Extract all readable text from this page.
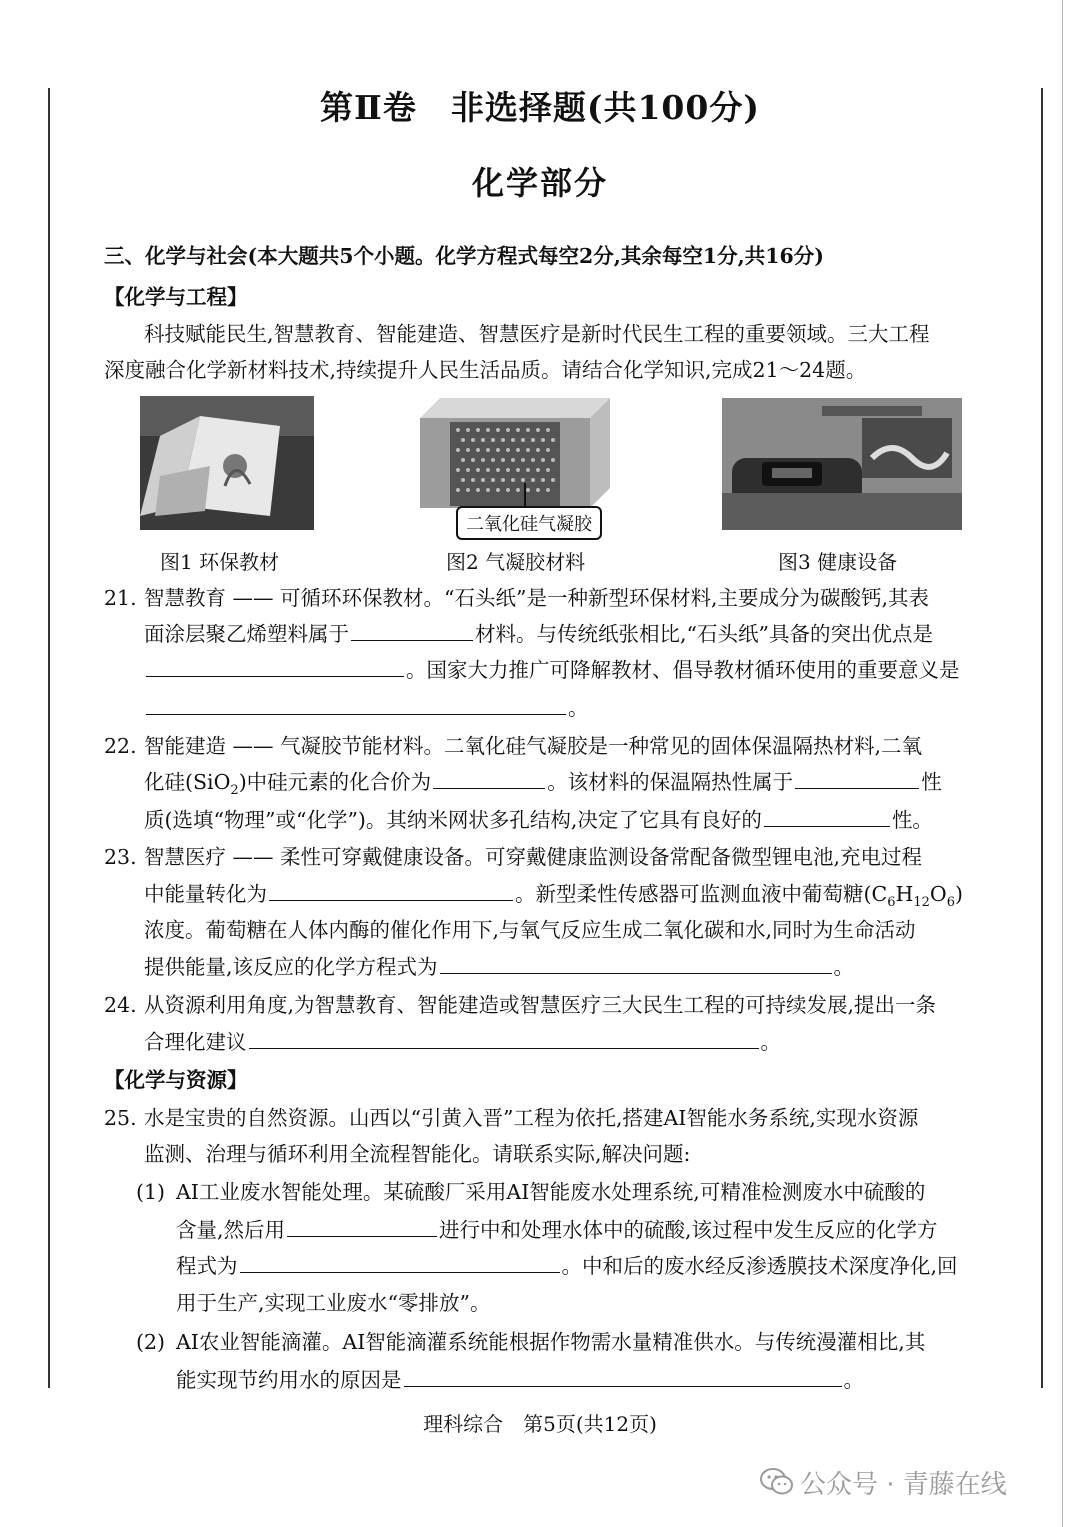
第Ⅱ卷　非选择题(共100分)
化学部分
三、化学与社会(本大题共5个小题。化学方程式每空2分,其余每空1分,共16分)
【化学与工程】
科技赋能民生,智慧教育、智能建造、智慧医疗是新时代民生工程的重要领域。三大工程
深度融合化学新材料技术,持续提升人民生活品质。请结合化学知识,完成21～24题。
图1 环保教材
二氧化硅气凝胶
图2 气凝胶材料	图3 健康设备
21. 智慧教育 —— 可循环环保教材。“石头纸”是一种新型环保材料,主要成分为碳酸钙,其表
面涂层聚乙烯塑料属于	材料。与传统纸张相比,“石头纸”具备的突出优点是
。国家大力推广可降解教材、倡导教材循环使用的重要意义是
。
22. 智能建造 —— 气凝胶节能材料。二氧化硅气凝胶是一种常见的固体保温隔热材料,二氧
化硅(SiO$_2$)中硅元素的化合价为	。该材料的保温隔热性属于	性
质(选填“物理”或“化学”)。其纳米网状多孔结构,决定了它具有良好的	性。
23. 智慧医疗 —— 柔性可穿戴健康设备。可穿戴健康监测设备常配备微型锂电池,充电过程
中能量转化为	。新型柔性传感器可监测血液中葡萄糖$(C_6H_{12}O_6)$
浓度。葡萄糖在人体内酶的催化作用下,与氧气反应生成二氧化碳和水,同时为生命活动
提供能量,该反应的化学方程式为	。
24. 从资源利用角度,为智慧教育、智能建造或智慧医疗三大民生工程的可持续发展,提出一条
合理化建议	。
【化学与资源】
25. 水是宝贵的自然资源。山西以“引黄入晋”工程为依托,搭建AI智能水务系统,实现水资源
监测、治理与循环利用全流程智能化。请联系实际,解决问题:
(1) AI工业废水智能处理。某硫酸厂采用AI智能废水处理系统,可精准检测废水中硫酸的
含量,然后用	进行中和处理水体中的硫酸,该过程中发生反应的化学方
程式为	。中和后的废水经反渗透膜技术深度净化,回
用于生产,实现工业废水“零排放”。
(2) AI农业智能滴灌。AI智能滴灌系统能根据作物需水量精准供水。与传统漫灌相比,其
能实现节约用水的原因是	。
理科综合　第5页(共12页)
公众号 · 青藤在线
